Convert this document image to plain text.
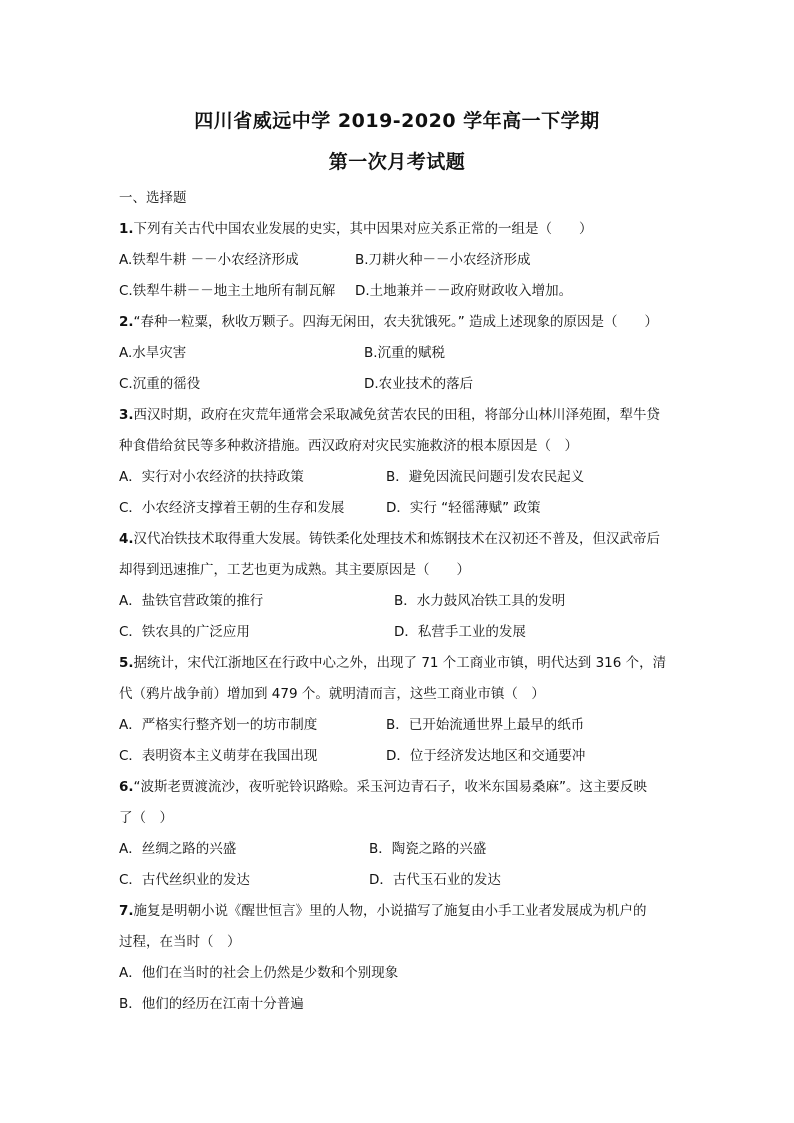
四川省威远中学 2019-2020 学年高一下学期
第一次月考试题
一、选择题
1.下列有关古代中国农业发展的史实，其中因果对应关系正常的一组是（　　）
A.铁犁牛耕 －－小农经济形成	B.刀耕火种－－小农经济形成
C.铁犁牛耕－－地主土地所有制瓦解 D.土地兼并－－政府财政收入增加。
2.“春种一粒粟，秋收万颗子。四海无闲田，农夫犹饿死。” 造成上述现象的原因是（　　）
A.水旱灾害	B.沉重的赋税
C.沉重的徭役	D.农业技术的落后
3.西汉时期，政府在灾荒年通常会采取减免贫苦农民的田租，将部分山林川泽苑囿，犁牛贷
种食借给贫民等多种救济措施。西汉政府对灾民实施救济的根本原因是（　）
A．实行对小农经济的扶持政策	B．避免因流民问题引发农民起义
C．小农经济支撑着王朝的生存和发展	D．实行 “轻徭薄赋” 政策
4.汉代冶铁技术取得重大发展。铸铁柔化处理技术和炼钢技术在汉初还不普及，但汉武帝后
却得到迅速推广，工艺也更为成熟。其主要原因是（　　）
A．盐铁官营政策的推行	B．水力鼓风冶铁工具的发明
C．铁农具的广泛应用	D．私营手工业的发展
5.据统计，宋代江浙地区在行政中心之外，出现了 71 个工商业市镇，明代达到 316 个，清
代（鸦片战争前）增加到 479 个。就明清而言，这些工商业市镇（　）
A．严格实行整齐划一的坊市制度	B．已开始流通世界上最早的纸币
C．表明资本主义萌芽在我国出现	D．位于经济发达地区和交通要冲
6.“波斯老贾渡流沙，夜听驼铃识路赊。采玉河边青石子，收米东国易桑麻”。这主要反映
了（　）
A．丝绸之路的兴盛	B．陶瓷之路的兴盛
C．古代丝织业的发达	D．古代玉石业的发达
7.施复是明朝小说《醒世恒言》里的人物，小说描写了施复由小手工业者发展成为机户的
过程，在当时（　）
A．他们在当时的社会上仍然是少数和个别现象
B．他们的经历在江南十分普遍
